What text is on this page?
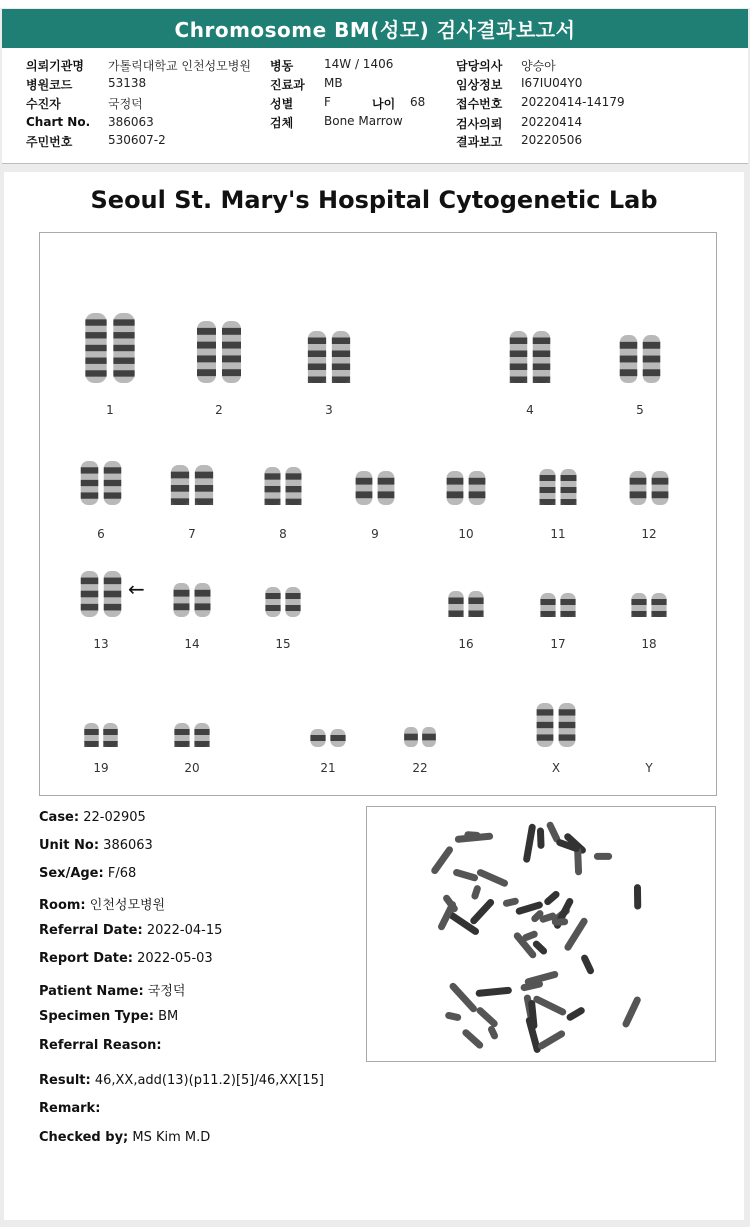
Chromosome BM(성모) 검사결과보고서
의뢰기관명 가톨릭대학교 인천성모병원
병원코드	53138
수진자	국정덕
Chart No. 386063
주민번호	530607-2
병동	14W / 1406
진료과 MB
성별	F	나이 68
검체	Bone Marrow
담당의사 양승아
임상정보 I67IU04Y0
접수번호 20220414-14179
검사의뢰 20220414
결과보고 20220506
Seoul St. Mary's Hospital Cytogenetic Lab
1	2	3	4	5
6	7	8	9	10	11	12
13	14	15	16	17	18
19	20	21	22	X	Y
←
Case: 22-02905
Unit No: 386063
Sex/Age: F/68
Room: 인천성모병원
Referral Date: 2022-04-15
Report Date: 2022-05-03
Patient Name: 국정덕
Specimen Type: BM
Referral Reason:
Result: 46,XX,add(13)(p11.2)[5]/46,XX[15]
Remark:
Checked by; MS Kim M.D
